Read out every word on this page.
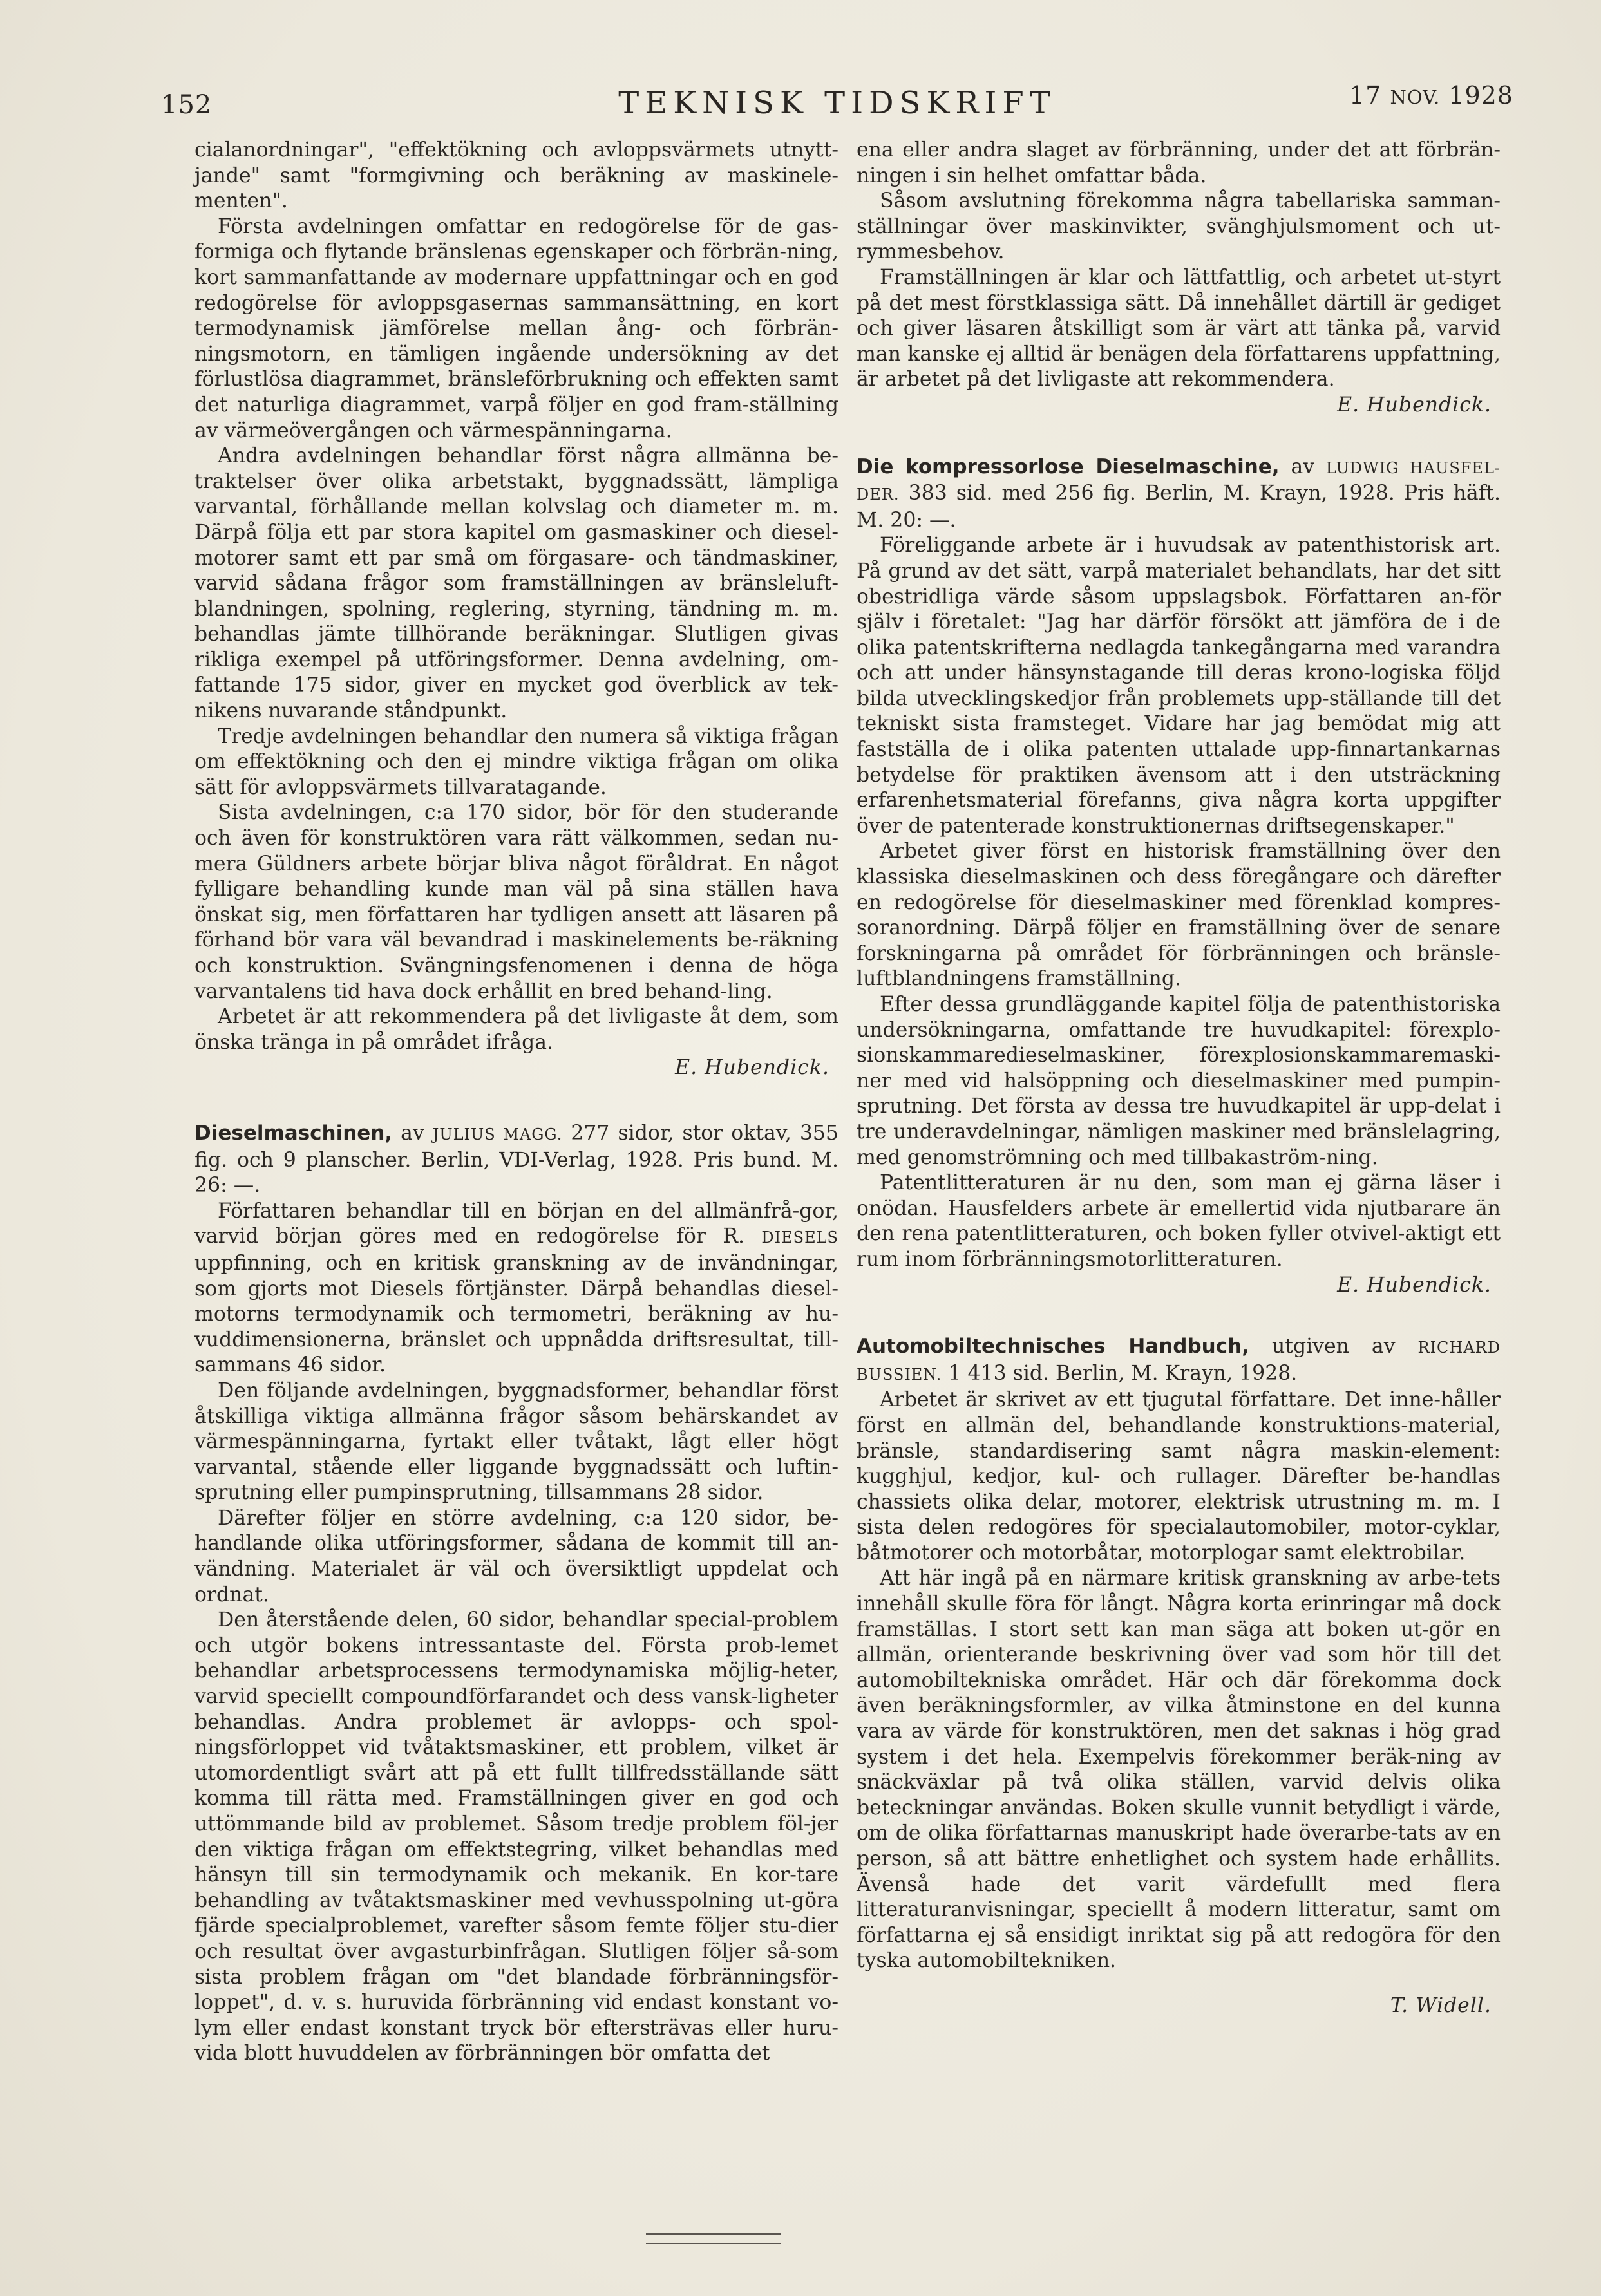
152	TEKNISK TIDSKRIFT	17 NOV. 1928

cialanordningar", "effektökning och avloppsvärmets utnytt-jande" samt "formgivning och beräkning av maskinele-menten".

Första avdelningen omfattar en redogörelse för de gas-formiga och flytande bränslenas egenskaper och förbrän-ning, kort sammanfattande av modernare uppfattningar och en god redogörelse för avloppsgasernas sammansättning, en kort termodynamisk jämförelse mellan ång- och förbrän-ningsmotorn, en tämligen ingående undersökning av det förlustlösa diagrammet, bränsleförbrukning och effekten samt det naturliga diagrammet, varpå följer en god fram-ställning av värmeövergången och värmespänningarna.

Andra avdelningen behandlar först några allmänna be-traktelser över olika arbetstakt, byggnadssätt, lämpliga varvantal, förhållande mellan kolvslag och diameter m. m. Därpå följa ett par stora kapitel om gasmaskiner och diesel-motorer samt ett par små om förgasare- och tändmaskiner, varvid sådana frågor som framställningen av bränsleluft-blandningen, spolning, reglering, styrning, tändning m. m. behandlas jämte tillhörande beräkningar. Slutligen givas rikliga exempel på utföringsformer. Denna avdelning, om-fattande 175 sidor, giver en mycket god överblick av tek-nikens nuvarande ståndpunkt.

Tredje avdelningen behandlar den numera så viktiga frågan om effektökning och den ej mindre viktiga frågan om olika sätt för avloppsvärmets tillvaratagande.

Sista avdelningen, c:a 170 sidor, bör för den studerande och även för konstruktören vara rätt välkommen, sedan nu-mera Güldners arbete börjar bliva något föråldrat. En något fylligare behandling kunde man väl på sina ställen hava önskat sig, men författaren har tydligen ansett att läsaren på förhand bör vara väl bevandrad i maskinelements be-räkning och konstruktion. Svängningsfenomenen i denna de höga varvantalens tid hava dock erhållit en bred behand-ling.

Arbetet är att rekommendera på det livligaste åt dem, som önska tränga in på området ifråga.

E. Hubendick.

Dieselmaschinen, av JULIUS MAGG. 277 sidor, stor oktav, 355 fig. och 9 planscher. Berlin, VDI-Verlag, 1928. Pris bund. M. 26: —.

Författaren behandlar till en början en del allmänfrå-gor, varvid början göres med en redogörelse för R. DIESELS uppfinning, och en kritisk granskning av de invändningar, som gjorts mot Diesels förtjänster. Därpå behandlas diesel-motorns termodynamik och termometri, beräkning av hu-vuddimensionerna, bränslet och uppnådda driftsresultat, till-sammans 46 sidor.

Den följande avdelningen, byggnadsformer, behandlar först åtskilliga viktiga allmänna frågor såsom behärskandet av värmespänningarna, fyrtakt eller tvåtakt, lågt eller högt varvantal, stående eller liggande byggnadssätt och luftin-sprutning eller pumpinsprutning, tillsammans 28 sidor.

Därefter följer en större avdelning, c:a 120 sidor, be-handlande olika utföringsformer, sådana de kommit till an-vändning. Materialet är väl och översiktligt uppdelat och ordnat.

Den återstående delen, 60 sidor, behandlar special-problem och utgör bokens intressantaste del. Första prob-lemet behandlar arbetsprocessens termodynamiska möjlig-heter, varvid speciellt compoundförfarandet och dess vansk-ligheter behandlas. Andra problemet är avlopps- och spol-ningsförloppet vid tvåtaktsmaskiner, ett problem, vilket är utomordentligt svårt att på ett fullt tillfredsställande sätt komma till rätta med. Framställningen giver en god och uttömmande bild av problemet. Såsom tredje problem föl-jer den viktiga frågan om effektstegring, vilket behandlas med hänsyn till sin termodynamik och mekanik. En kor-tare behandling av tvåtaktsmaskiner med vevhusspolning ut-göra fjärde specialproblemet, varefter såsom femte följer stu-dier och resultat över avgasturbinfrågan. Slutligen följer så-som sista problem frågan om "det blandade förbränningsför-loppet", d. v. s. huruvida förbränning vid endast konstant vo-lym eller endast konstant tryck bör eftersträvas eller huru-vida blott huvuddelen av förbränningen bör omfatta det

ena eller andra slaget av förbränning, under det att förbrän-ningen i sin helhet omfattar båda.

Såsom avslutning förekomma några tabellariska samman-ställningar över maskinvikter, svänghjulsmoment och ut-rymmesbehov.

Framställningen är klar och lättfattlig, och arbetet ut-styrt på det mest förstklassiga sätt. Då innehållet därtill är gediget och giver läsaren åtskilligt som är värt att tänka på, varvid man kanske ej alltid är benägen dela författarens uppfattning, är arbetet på det livligaste att rekommendera.

E. Hubendick.

Die kompressorlose Dieselmaschine, av LUDWIG HAUSFEL-DER. 383 sid. med 256 fig. Berlin, M. Krayn, 1928. Pris häft. M. 20: —.

Föreliggande arbete är i huvudsak av patenthistorisk art. På grund av det sätt, varpå materialet behandlats, har det sitt obestridliga värde såsom uppslagsbok. Författaren an-för själv i företalet: "Jag har därför försökt att jämföra de i de olika patentskrifterna nedlagda tankegångarna med varandra och att under hänsynstagande till deras krono-logiska följd bilda utvecklingskedjor från problemets upp-ställande till det tekniskt sista framsteget. Vidare har jag bemödat mig att fastställa de i olika patenten uttalade upp-finnartankarnas betydelse för praktiken ävensom att i den utsträckning erfarenhetsmaterial förefanns, giva några korta uppgifter över de patenterade konstruktionernas driftsegenskaper."

Arbetet giver först en historisk framställning över den klassiska dieselmaskinen och dess föregångare och därefter en redogörelse för dieselmaskiner med förenklad kompres-soranordning. Därpå följer en framställning över de senare forskningarna på området för förbränningen och bränsle-luftblandningens framställning.

Efter dessa grundläggande kapitel följa de patenthistoriska undersökningarna, omfattande tre huvudkapitel: förexplo-sionskammaredieselmaskiner, förexplosionskammaremaski-ner med vid halsöppning och dieselmaskiner med pumpin-sprutning. Det första av dessa tre huvudkapitel är upp-delat i tre underavdelningar, nämligen maskiner med bränslelagring, med genomströmning och med tillbakaström-ning.

Patentlitteraturen är nu den, som man ej gärna läser i onödan. Hausfelders arbete är emellertid vida njutbarare än den rena patentlitteraturen, och boken fyller otvivel-aktigt ett rum inom förbränningsmotorlitteraturen.

E. Hubendick.

Automobiltechnisches Handbuch, utgiven av RICHARD BUSSIEN. 1 413 sid. Berlin, M. Krayn, 1928.

Arbetet är skrivet av ett tjugutal författare. Det inne-håller först en allmän del, behandlande konstruktions-material, bränsle, standardisering samt några maskin-element: kugghjul, kedjor, kul- och rullager. Därefter be-handlas chassiets olika delar, motorer, elektrisk utrustning m. m. I sista delen redogöres för specialautomobiler, motor-cyklar, båtmotorer och motorbåtar, motorplogar samt elektrobilar.

Att här ingå på en närmare kritisk granskning av arbe-tets innehåll skulle föra för långt. Några korta erinringar må dock framställas. I stort sett kan man säga att boken ut-gör en allmän, orienterande beskrivning över vad som hör till det automobiltekniska området. Här och där förekomma dock även beräkningsformler, av vilka åtminstone en del kunna vara av värde för konstruktören, men det saknas i hög grad system i det hela. Exempelvis förekommer beräk-ning av snäckväxlar på två olika ställen, varvid delvis olika beteckningar användas. Boken skulle vunnit betydligt i värde, om de olika författarnas manuskript hade överarbe-tats av en person, så att bättre enhetlighet och system hade erhållits. Ävenså hade det varit värdefullt med flera litteraturanvisningar, speciellt å modern litteratur, samt om författarna ej så ensidigt inriktat sig på att redogöra för den tyska automobiltekniken.

T. Widell.
